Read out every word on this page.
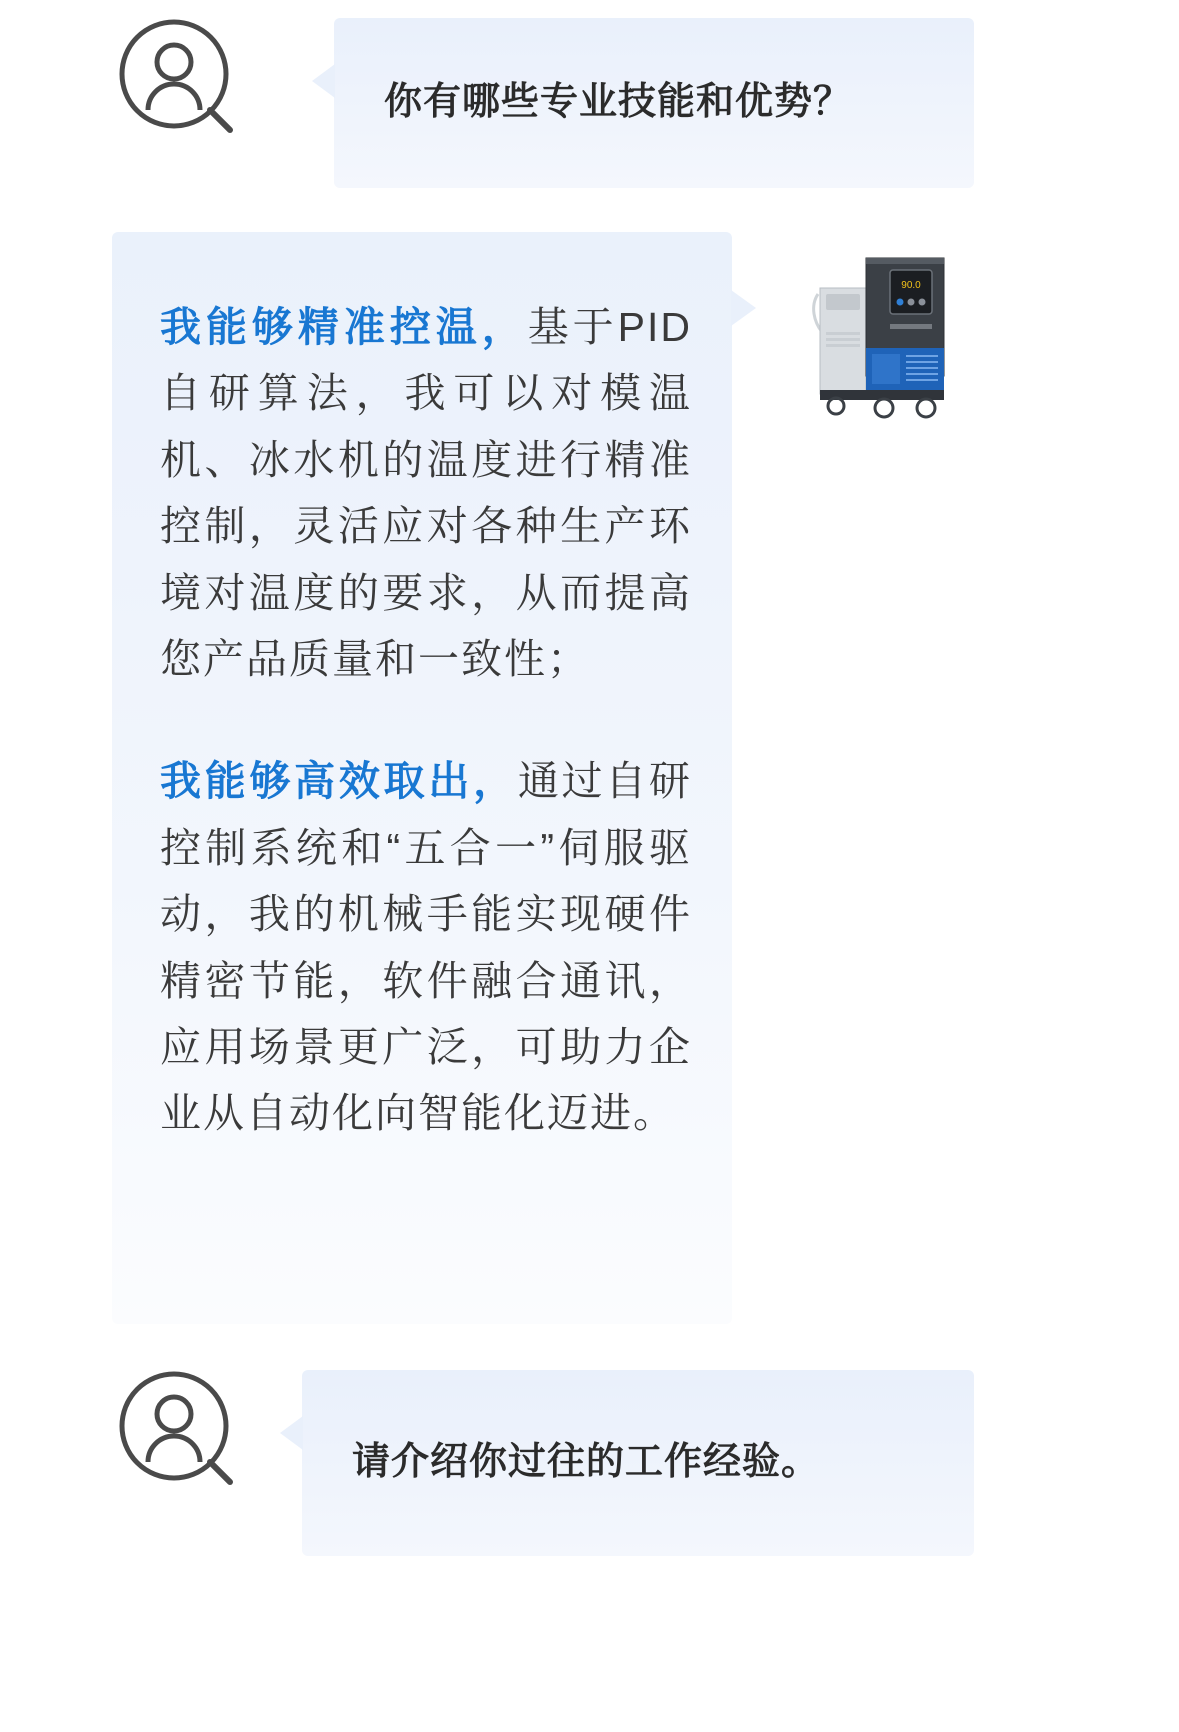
你有哪些专业技能和优势？

我能够精准控温，基于PID自研算法，我可以对模温机、冰水机的温度进行精准控制，灵活应对各种生产环境对温度的要求，从而提高您产品质量和一致性；

我能够高效取出，通过自研控制系统和“五合一”伺服驱动，我的机械手能实现硬件精密节能，软件融合通讯，应用场景更广泛，可助力企业从自动化向智能化迈进。

90.0
请介绍你过往的工作经验。
